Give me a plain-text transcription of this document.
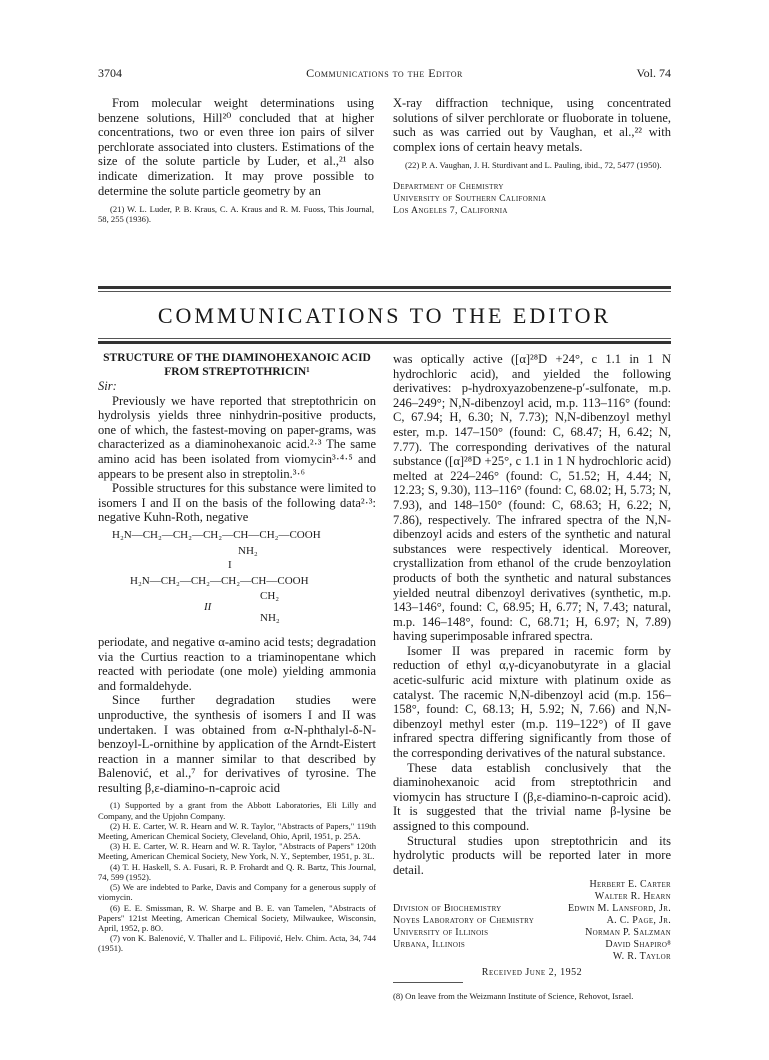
3704	Communications to the Editor	Vol. 74

From molecular weight determinations using benzene solutions, Hill²⁰ concluded that at higher concentrations, two or even three ion pairs of silver perchlorate associated into clusters. Estimations of the size of the solute particle by Luder, et al.,²¹ also indicate dimerization. It may prove possible to determine the solute particle geometry by an

(21) W. L. Luder, P. B. Kraus, C. A. Kraus and R. M. Fuoss, This Journal, 58, 255 (1936).

X-ray diffraction technique, using concentrated solutions of silver perchlorate or fluoborate in toluene, such as was carried out by Vaughan, et al.,²² with complex ions of certain heavy metals.

(22) P. A. Vaughan, J. H. Sturdivant and L. Pauling, ibid., 72, 5477 (1950).

Department of Chemistry
University of Southern California
Los Angeles 7, California
COMMUNICATIONS TO THE EDITOR

STRUCTURE OF THE DIAMINOHEXANOIC ACID

FROM STREPTOTHRICIN¹

Sir:

Previously we have reported that streptothricin on hydrolysis yields three ninhydrin-positive products, one of which, the fastest-moving on paper-grams, was characterized as a diaminohexanoic acid.²·³ The same amino acid has been isolated from viomycin³·⁴·⁵ and appears to be present also in streptolin.³·⁶

Possible structures for this substance were limited to isomers I and II on the basis of the following data²·³: negative Kuhn-Roth, negative

H₂N—CH₂—CH₂—CH₂—CH—CH₂—COOH
NH₂
I
H₂N—CH₂—CH₂—CH₂—CH—COOH
CH₂
II
NH₂

periodate, and negative α-amino acid tests; degradation via the Curtius reaction to a triaminopentane which reacted with periodate (one mole) yielding ammonia and formaldehyde.

Since further degradation studies were unproductive, the synthesis of isomers I and II was undertaken. I was obtained from α-N-phthalyl-δ-N-benzoyl-L-ornithine by application of the Arndt-Eistert reaction in a manner similar to that described by Balenović, et al.,⁷ for derivatives of tyrosine. The resulting β,ε-diamino-n-caproic acid

(1) Supported by a grant from the Abbott Laboratories, Eli Lilly and Company, and the Upjohn Company.

(2) H. E. Carter, W. R. Hearn and W. R. Taylor, "Abstracts of Papers," 119th Meeting, American Chemical Society, Cleveland, Ohio, April, 1951, p. 25A.

(3) H. E. Carter, W. R. Hearn and W. R. Taylor, "Abstracts of Papers" 120th Meeting, American Chemical Society, New York, N. Y., September, 1951, p. 3L.

(4) T. H. Haskell, S. A. Fusari, R. P. Frohardt and Q. R. Bartz, This Journal, 74, 599 (1952).

(5) We are indebted to Parke, Davis and Company for a generous supply of viomycin.

(6) E. E. Smissman, R. W. Sharpe and B. E. van Tamelen, "Abstracts of Papers" 121st Meeting, American Chemical Society, Milwaukee, Wisconsin, April, 1952, p. 8O.

(7) von K. Balenović, V. Thaller and L. Filipović, Helv. Chim. Acta, 34, 744 (1951).

was optically active ([α]²⁸D +24°, c 1.1 in 1 N hydrochloric acid), and yielded the following derivatives: p-hydroxyazobenzene-p′-sulfonate, m.p. 246–249°; N,N-dibenzoyl acid, m.p. 113–116° (found: C, 67.94; H, 6.30; N, 7.73); N,N-dibenzoyl methyl ester, m.p. 147–150° (found: C, 68.47; H, 6.42; N, 7.77). The corresponding derivatives of the natural substance ([α]²⁸D +25°, c 1.1 in 1 N hydrochloric acid) melted at 224–246° (found: C, 51.52; H, 4.44; N, 12.23; S, 9.30), 113–116° (found: C, 68.02; H, 5.73; N, 7.93), and 148–150° (found: C, 68.63; H, 6.22; N, 7.86), respectively. The infrared spectra of the N,N-dibenzoyl acids and esters of the synthetic and natural substances were respectively identical. Moreover, crystallization from ethanol of the crude benzoylation products of both the synthetic and natural substances yielded neutral dibenzoyl derivatives (synthetic, m.p. 143–146°, found: C, 68.95; H, 6.77; N, 7.43; natural, m.p. 146–148°, found: C, 68.71; H, 6.97; N, 7.89) having superimposable infrared spectra.

Isomer II was prepared in racemic form by reduction of ethyl α,γ-dicyanobutyrate in a glacial acetic-sulfuric acid mixture with platinum oxide as catalyst. The racemic N,N-dibenzoyl acid (m.p. 156–158°, found: C, 68.13; H, 5.92; N, 7.66) and N,N-dibenzoyl methyl ester (m.p. 119–122°) of II gave infrared spectra differing significantly from those of the corresponding derivatives of the natural substance.

These data establish conclusively that the diaminohexanoic acid from streptothricin and viomycin has structure I (β,ε-diamino-n-caproic acid). It is suggested that the trivial name β-lysine be assigned to this compound.

Structural studies upon streptothricin and its hydrolytic products will be reported later in more detail.

Herbert E. Carter
Walter R. Hearn
Division of Biochemistry	Edwin M. Lansford, Jr.
Noyes Laboratory of Chemistry	A. C. Page, Jr.
University of Illinois	Norman P. Salzman
Urbana, Illinois	David Shapiro⁸
W. R. Taylor
Received June 2, 1952
(8) On leave from the Weizmann Institute of Science, Rehovot, Israel.
